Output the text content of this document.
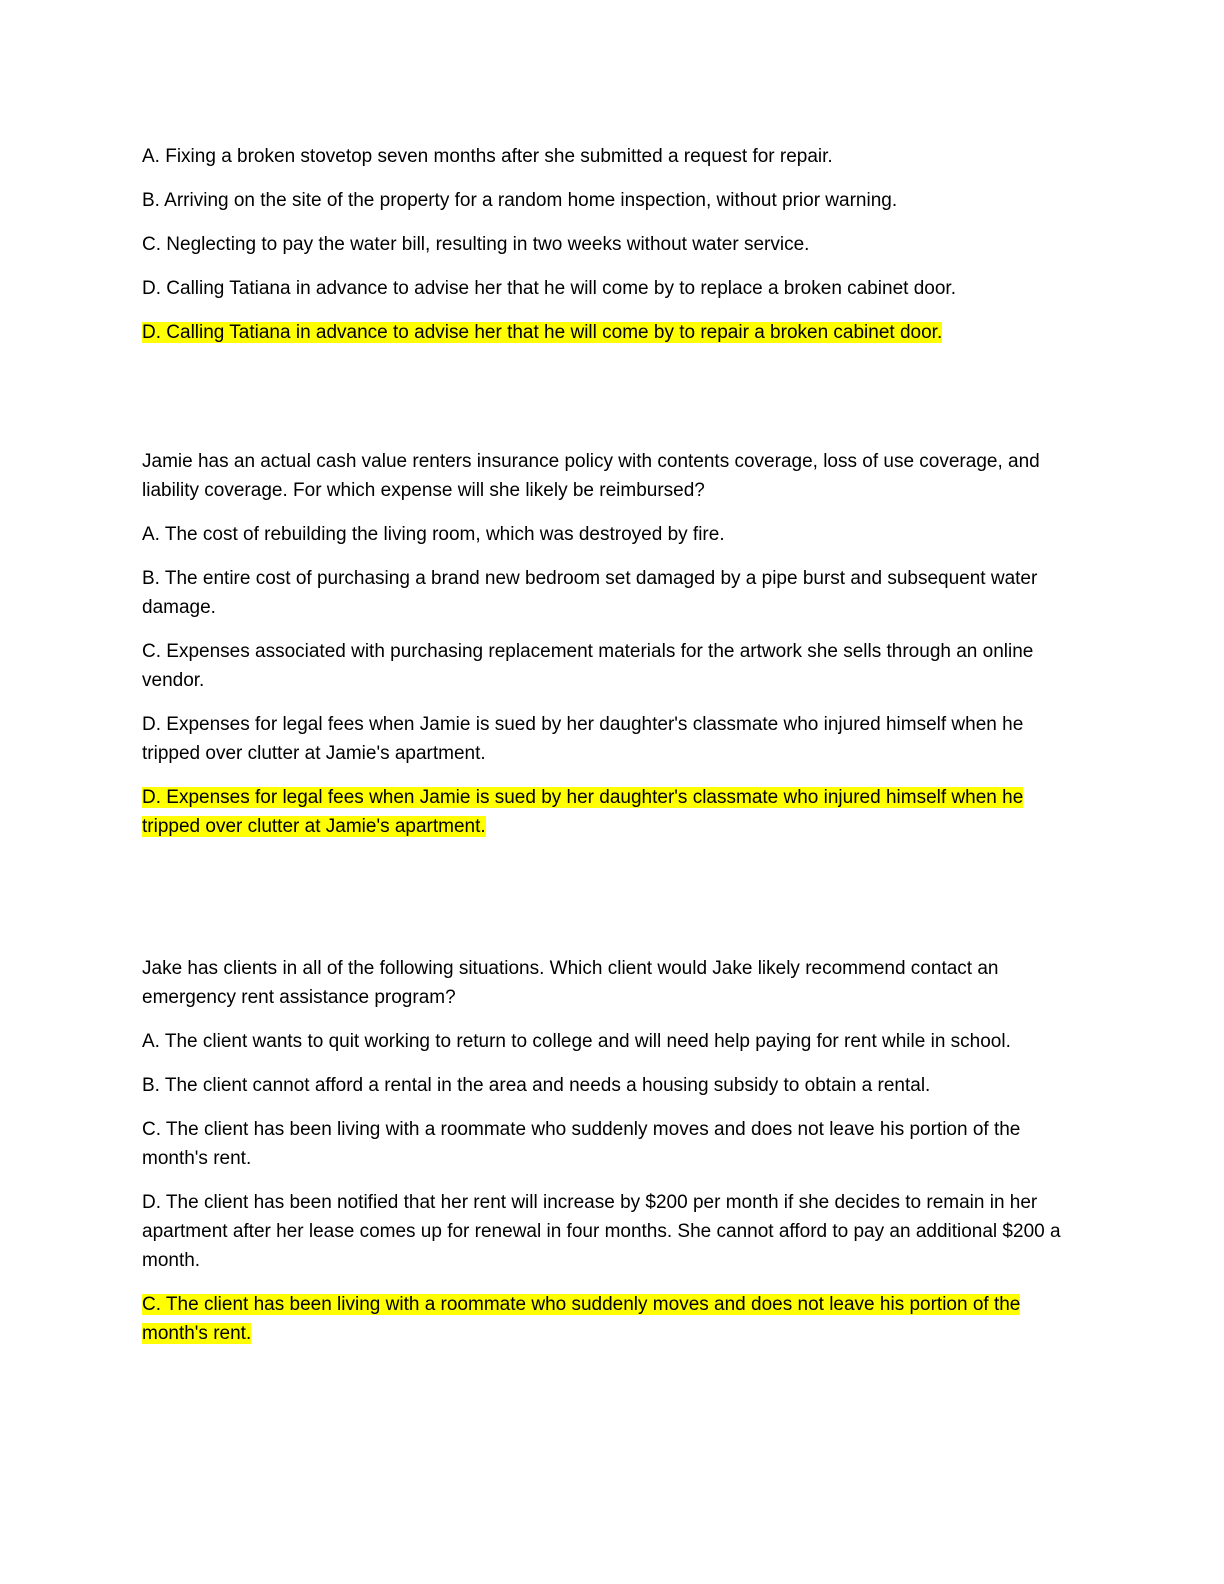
A. Fixing a broken stovetop seven months after she submitted a request for repair.

B. Arriving on the site of the property for a random home inspection, without prior warning.

C. Neglecting to pay the water bill, resulting in two weeks without water service.

D. Calling Tatiana in advance to advise her that he will come by to replace a broken cabinet door.

D. Calling Tatiana in advance to advise her that he will come by to repair a broken cabinet door.

Jamie has an actual cash value renters insurance policy with contents coverage, loss of use coverage, and liability coverage. For which expense will she likely be reimbursed?

A. The cost of rebuilding the living room, which was destroyed by fire.

B. The entire cost of purchasing a brand new bedroom set damaged by a pipe burst and subsequent water damage.

C. Expenses associated with purchasing replacement materials for the artwork she sells through an online vendor.

D. Expenses for legal fees when Jamie is sued by her daughter's classmate who injured himself when he tripped over clutter at Jamie's apartment.

D. Expenses for legal fees when Jamie is sued by her daughter's classmate who injured himself when he tripped over clutter at Jamie's apartment.

Jake has clients in all of the following situations. Which client would Jake likely recommend contact an emergency rent assistance program?

A. The client wants to quit working to return to college and will need help paying for rent while in school.

B. The client cannot afford a rental in the area and needs a housing subsidy to obtain a rental.

C. The client has been living with a roommate who suddenly moves and does not leave his portion of the month's rent.

D. The client has been notified that her rent will increase by $200 per month if she decides to remain in her apartment after her lease comes up for renewal in four months. She cannot afford to pay an additional $200 a month.

C. The client has been living with a roommate who suddenly moves and does not leave his portion of the month's rent.
